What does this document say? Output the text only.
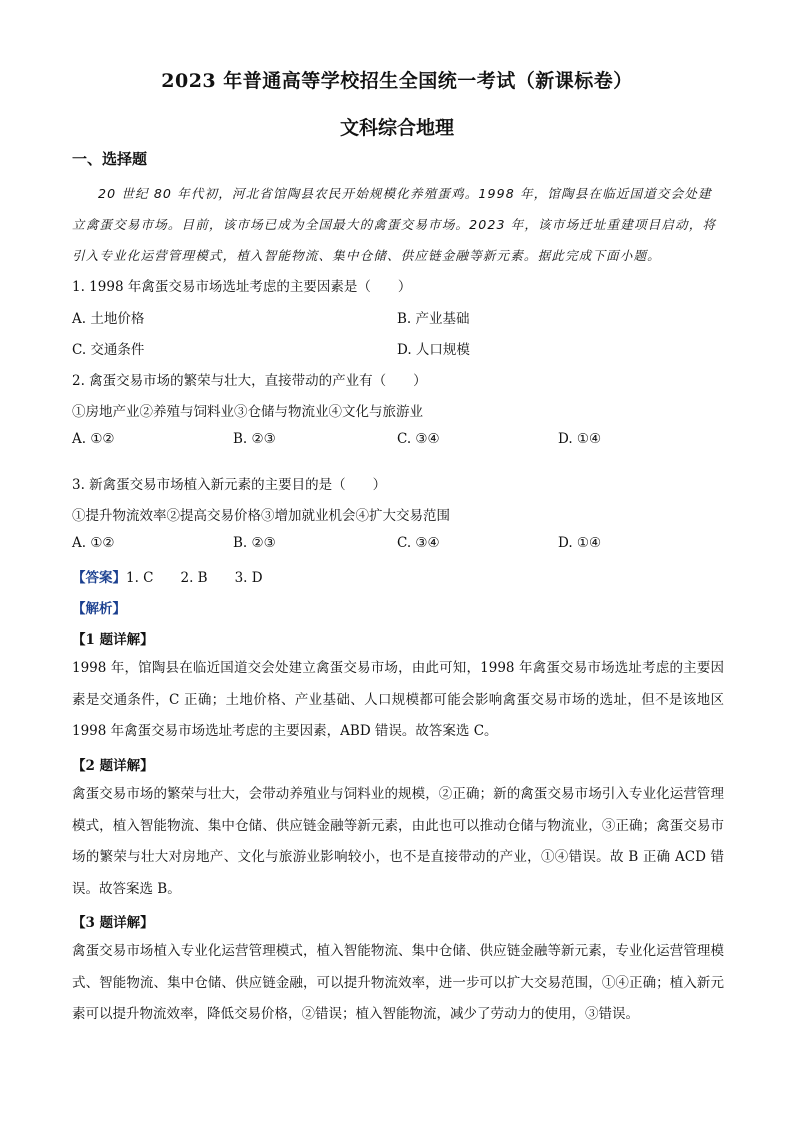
2023 年普通高等学校招生全国统一考试（新课标卷）
文科综合地理
一、选择题
20 世纪 80 年代初，河北省馆陶县农民开始规模化养殖蛋鸡。1998 年，馆陶县在临近国道交会处建立禽蛋交易市场。目前，该市场已成为全国最大的禽蛋交易市场。2023 年，该市场迁址重建项目启动，将引入专业化运营管理模式，植入智能物流、集中仓储、供应链金融等新元素。据此完成下面小题。
1. 1998 年禽蛋交易市场选址考虑的主要因素是（　　）
A. 土地价格	B. 产业基础
C. 交通条件	D. 人口规模
2. 禽蛋交易市场的繁荣与壮大，直接带动的产业有（　　）
①房地产业②养殖与饲料业③仓储与物流业④文化与旅游业
A. ①②	B. ②③	C. ③④	D. ①④
3. 新禽蛋交易市场植入新元素的主要目的是（　　）
①提升物流效率②提高交易价格③增加就业机会④扩大交易范围
A. ①②	B. ②③	C. ③④	D. ①④
【答案】1. C　　2. B　　3. D
【解析】
【1 题详解】
1998 年，馆陶县在临近国道交会处建立禽蛋交易市场，由此可知，1998 年禽蛋交易市场选址考虑的主要因素是交通条件，C 正确；土地价格、产业基础、人口规模都可能会影响禽蛋交易市场的选址，但不是该地区 1998 年禽蛋交易市场选址考虑的主要因素，ABD 错误。故答案选 C。
【2 题详解】
禽蛋交易市场的繁荣与壮大，会带动养殖业与饲料业的规模，②正确；新的禽蛋交易市场引入专业化运营管理模式，植入智能物流、集中仓储、供应链金融等新元素，由此也可以推动仓储与物流业，③正确；禽蛋交易市场的繁荣与壮大对房地产、文化与旅游业影响较小，也不是直接带动的产业，①④错误。故 B 正确 ACD 错误。故答案选 B。
【3 题详解】
禽蛋交易市场植入专业化运营管理模式，植入智能物流、集中仓储、供应链金融等新元素，专业化运营管理模式、智能物流、集中仓储、供应链金融，可以提升物流效率，进一步可以扩大交易范围，①④正确；植入新元素可以提升物流效率，降低交易价格，②错误；植入智能物流，减少了劳动力的使用，③错误。
